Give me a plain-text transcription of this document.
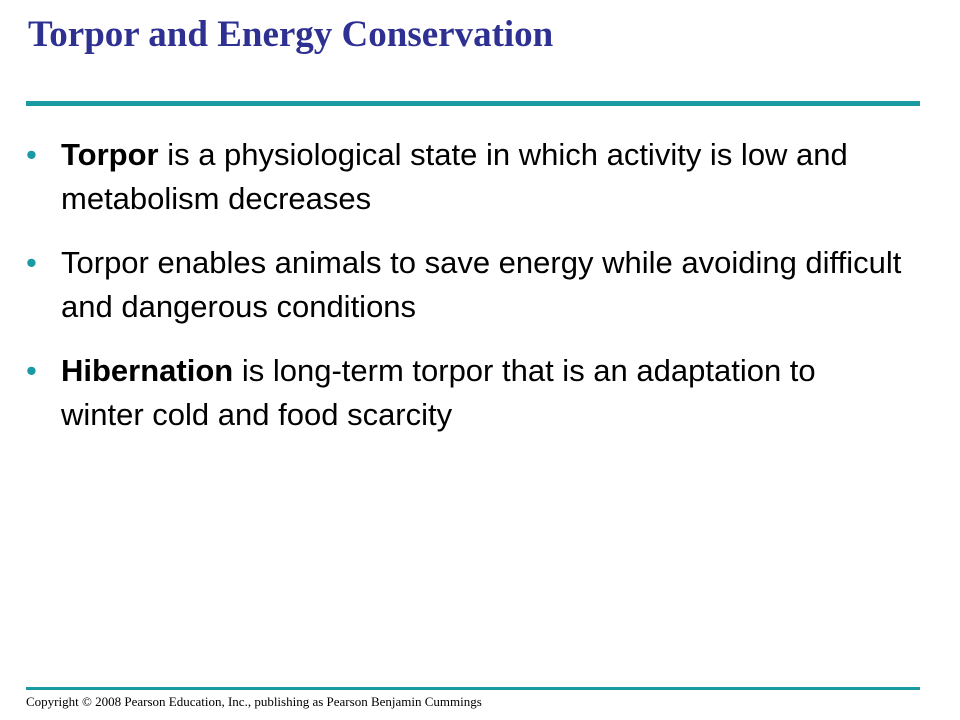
Torpor and Energy Conservation
• Torpor is a physiological state in which activity is low and metabolism decreases
• Torpor enables animals to save energy while avoiding difficult and dangerous conditions
• Hibernation is long-term torpor that is an adaptation to winter cold and food scarcity
Copyright © 2008 Pearson Education, Inc., publishing as Pearson Benjamin Cummings
